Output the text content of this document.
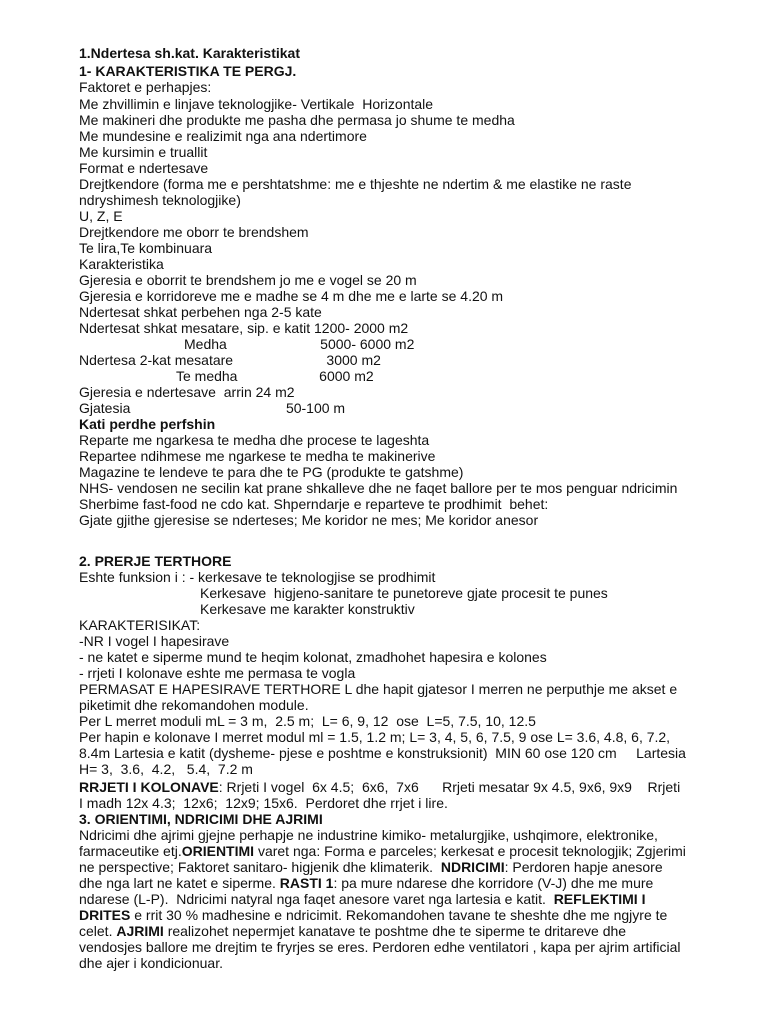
1.Ndertesa sh.kat. Karakteristikat
1- KARAKTERISTIKA TE PERGJ.
Faktoret e perhapjes:
Me zhvillimin e linjave teknologjike- Vertikale  Horizontale
Me makineri dhe produkte me pasha dhe permasa jo shume te medha
Me mundesine e realizimit nga ana ndertimore
Me kursimin e truallit
Format e ndertesave
Drejtkendore (forma me e pershtatshme: me e thjeshte ne ndertim & me elastike ne raste
ndryshimesh teknologjike)
U, Z, E
Drejtkendore me oborr te brendshem
Te lira,Te kombinuara
Karakteristika
Gjeresia e oborrit te brendshem jo me e vogel se 20 m
Gjeresia e korridoreve me e madhe se 4 m dhe me e larte se 4.20 m
Ndertesat shkat perbehen nga 2-5 kate
Ndertesat shkat mesatare, sip. e katit 1200- 2000 m2
Medha                        5000- 6000 m2
Ndertesa 2-kat mesatare                        3000 m2
Te medha                     6000 m2
Gjeresia e ndertesave  arrin 24 m2
Gjatesia                                        50-100 m
Kati perdhe perfshin
Reparte me ngarkesa te medha dhe procese te lageshta
Repartee ndihmese me ngarkese te medha te makinerive
Magazine te lendeve te para dhe te PG (produkte te gatshme)
NHS- vendosen ne secilin kat prane shkalleve dhe ne faqet ballore per te mos penguar ndricimin
Sherbime fast-food ne cdo kat. Shperndarje e reparteve te prodhimit  behet:
Gjate gjithe gjeresise se nderteses; Me koridor ne mes; Me koridor anesor
2. PRERJE TERTHORE
Eshte funksion i : - kerkesave te teknologjise se prodhimit
Kerkesave  higjeno-sanitare te punetoreve gjate procesit te punes
Kerkesave me karakter konstruktiv
KARAKTERISIKAT:
-NR I vogel I hapesirave
- ne katet e siperme mund te heqim kolonat, zmadhohet hapesira e kolones
- rrjeti I kolonave eshte me permasa te vogla
PERMASAT E HAPESIRAVE TERTHORE L dhe hapit gjatesor I merren ne perputhje me akset e
piketimit dhe rekomandohen module.
Per L merret moduli mL = 3 m,  2.5 m;  L= 6, 9, 12  ose  L=5, 7.5, 10, 12.5
Per hapin e kolonave I merret modul ml = 1.5, 1.2 m; L= 3, 4, 5, 6, 7.5, 9 ose L= 3.6, 4.8, 6, 7.2,
8.4m Lartesia e katit (dysheme- pjese e poshtme e konstruksionit)  MIN 60 ose 120 cm     Lartesia
H= 3,  3.6,  4.2,   5.4,  7.2 m
RRJETI I KOLONAVE: Rrjeti I vogel  6x 4.5;  6x6,  7x6      Rrjeti mesatar 9x 4.5, 9x6, 9x9    Rrjeti
I madh 12x 4.3;  12x6;  12x9; 15x6.  Perdoret dhe rrjet i lire.
3. ORIENTIMI, NDRICIMI DHE AJRIMI
Ndricimi dhe ajrimi gjejne perhapje ne industrine kimiko- metalurgjike, ushqimore, elektronike,
farmaceutike etj.ORIENTIMI varet nga: Forma e parceles; kerkesat e procesit teknologjik; Zgjerimi
ne perspective; Faktoret sanitaro- higjenik dhe klimaterik.  NDRICIMI: Perdoren hapje anesore
dhe nga lart ne katet e siperme. RASTI 1: pa mure ndarese dhe korridore (V-J) dhe me mure
ndarese (L-P).  Ndricimi natyral nga faqet anesore varet nga lartesia e katit.  REFLEKTIMI I
DRITES e rrit 30 % madhesine e ndricimit. Rekomandohen tavane te sheshte dhe me ngjyre te
celet. AJRIMI realizohet nepermjet kanatave te poshtme dhe te siperme te dritareve dhe
vendosjes ballore me drejtim te fryrjes se eres. Perdoren edhe ventilatori , kapa per ajrim artificial
dhe ajer i kondicionuar.
